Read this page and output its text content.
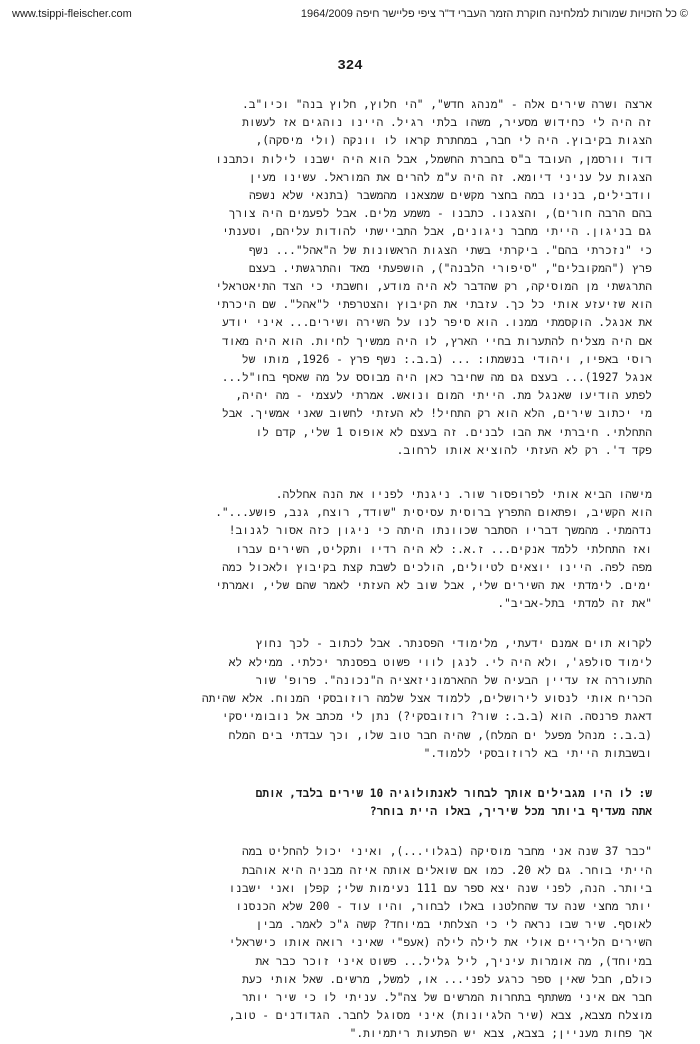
www.tsippi-fleischer.com	© כל הזכויות שמורות למלחינה חוקרת הזמר העברי ד"ר ציפי פליישר חיפה 1964/2009
324
ארצה ושרה שירים אלה - "מנהג חדש", "הי חלוץ, חלוץ בנה" וכיו"ב.
זה היה לי כחידוש מסעיר, משהו בלתי רגיל. היינו נוהגים אז לעשות
הצגות בקיבוץ. היה לי חבר, במחתרת קראו לו וונקה (ולי מיסקה),
דוד וורסמן, העובד ב"ס בחברת החשמל, אבל הוא היה ישבנו לילות וכתבנו
הצגות על עניני דיומא. זה היה ע"מ להרים את המוראל. עשינו מעין
וודבילים, בנינו במה בחצר מקשים שמצאנו מהמשבר (בתנאי שלא נשפה
בהם הרבה חורים), והצגנו. כתבנו - משמע מלים. אבל לפעמים היה צורך
גם בניגון. הייתי מחבר ניגונים, אבל התביישתי להודות עליהם, וטענתי
כי "נזכרתי בהם". ביקרתי בשתי הצגות הראשונות של ה"אהל"... נשף
פרץ ("המקובלים", "סיפורי הלבנה"), הושפעתי מאד והתרגשתי. בעצם
התרגשתי מן המוסיקה, רק שהדבר לא היה מודע, וחשבתי כי הצד התיאטראלי
הוא שזיעזע אותי כל כך. עזבתי את הקיבוץ והצטרפתי ל"אהל". שם היכרתי
את אנגל. הוקסמתי ממנו. הוא סיפר לנו על השירה ושירים... איני יודע
אם היה מצליח להתערות בחיי הארץ, לו היה ממשיך לחיות. הוא היה מאוד
רוסי באפיו, ויהודי בנשמתו: ... (ב.ב.: נשף פרץ - 1926, מותו של
אנגל 1927)... בעצם גם מה שחיבר כאן היה מבוסס על מה שאסף בחו"ל...
לפתע הודיעו שאנגל מת. הייתי המום ונואש. אמרתי לעצמי - מה יהיה,
מי יכתוב שירים, הלא הוא רק התחיל! לא העזתי לחשוב שאני אמשיך. אבל
התחלתי. חיברתי את הבו לבנים. זה בעצם לא אופוס 1 שלי, קדם לו
פקד ד'. רק לא העזתי להוציא אותו לרחוב.
מישהו הביא אותי לפרופסור שור. ניגנתי לפניו את הנה אחללה.
הוא הקשיב, ופתאום התפרץ ברוסית עסיסית "שודד, רוצח, גנב, פושע...".
נדהמתי. מהמשך דבריו הסתבר שכוונתו היתה כי ניגון כזה אסור לגנוב!
ואז התחלתי ללמד אנקים... ז.א.: לא היה רדיו ותקליט, השירים עברו
מפה לפה. היינו יוצאים לטיולים, הולכים לשבת קצת בקיבוץ ולאכול כמה
ימים. לימדתי את השירים שלי, אבל שוב לא העזתי לאמר שהם שלי, ואמרתי
"את זה למדתי בתל-אביב".
לקרוא תוים אמנם ידעתי, מלימודי הפסנתר. אבל לכתוב - לכך נחוץ
לימוד סולפג', ולא היה לי. לנגן לווי פשוט בפסנתר יכלתי. ממילא לא
התעוררה אז עדיין הבעיה של ההארמוניזאציה ה"נכונה". פרופ' שור
הכריח אותי לנסוע לירושלים, ללמוד אצל שלמה רוזובסקי המנוח. אלא שהיתה
דאגת פרנסה. הוא (ב.ב.: שור? רוזובסקי?) נתן לי מכתב אל נובומייסקי
(ב.ב.: מנהל מפעל ים המלח), שהיה חבר טוב שלו, וכך עבדתי בים המלח
ובשבתות הייתי בא לרוזובסקי ללמוד."
ש: לו היו מגבילים אותך לבחור לאנתולוגיה 10 שירים בלבד, אותם
אתה מעדיף ביותר מכל שיריך, באלו היית בוחר?
"כבר 37 שנה אני מחבר מוסיקה (בגלוי...), ואיני יכול להחליט במה
הייתי בוחר. גם לא 20. כמו אם שואלים אותה איזה מבניה היא אוהבת
ביותר. הנה, לפני שנה יצא ספר עם 111 נעימות שלי; קפלן ואני ישבנו
יותר מחצי שנה עד שהחלטנו באלו לבחור, והיו עוד - 200 שלא הכנסנו
לאוסף. שיר שבו נראה לי כי הצלחתי במיוחד? קשה ג"כ לאמר. מבין
השירים הליריים אולי את לילה לילה (אעפ"י שאיני רואה אותו כישראלי
במיוחד), מה אומרות עיניך, ליל גליל... פשוט איני זוכר כבר את
כולם, חבל שאין ספר כרגע לפני... או, למשל, מרשים. שאל אותי כעת
חבר אם איני משתתף בתחרות המרשים של צה"ל. עניתי לו כי שיר יותר
מוצלח מצבא, צבא (שיר הלגיונות) איני מסוגל לחבר. הגדודנים - טוב,
אך פחות מעניין; בצבא, צבא יש הפתעות ריתמיות."
